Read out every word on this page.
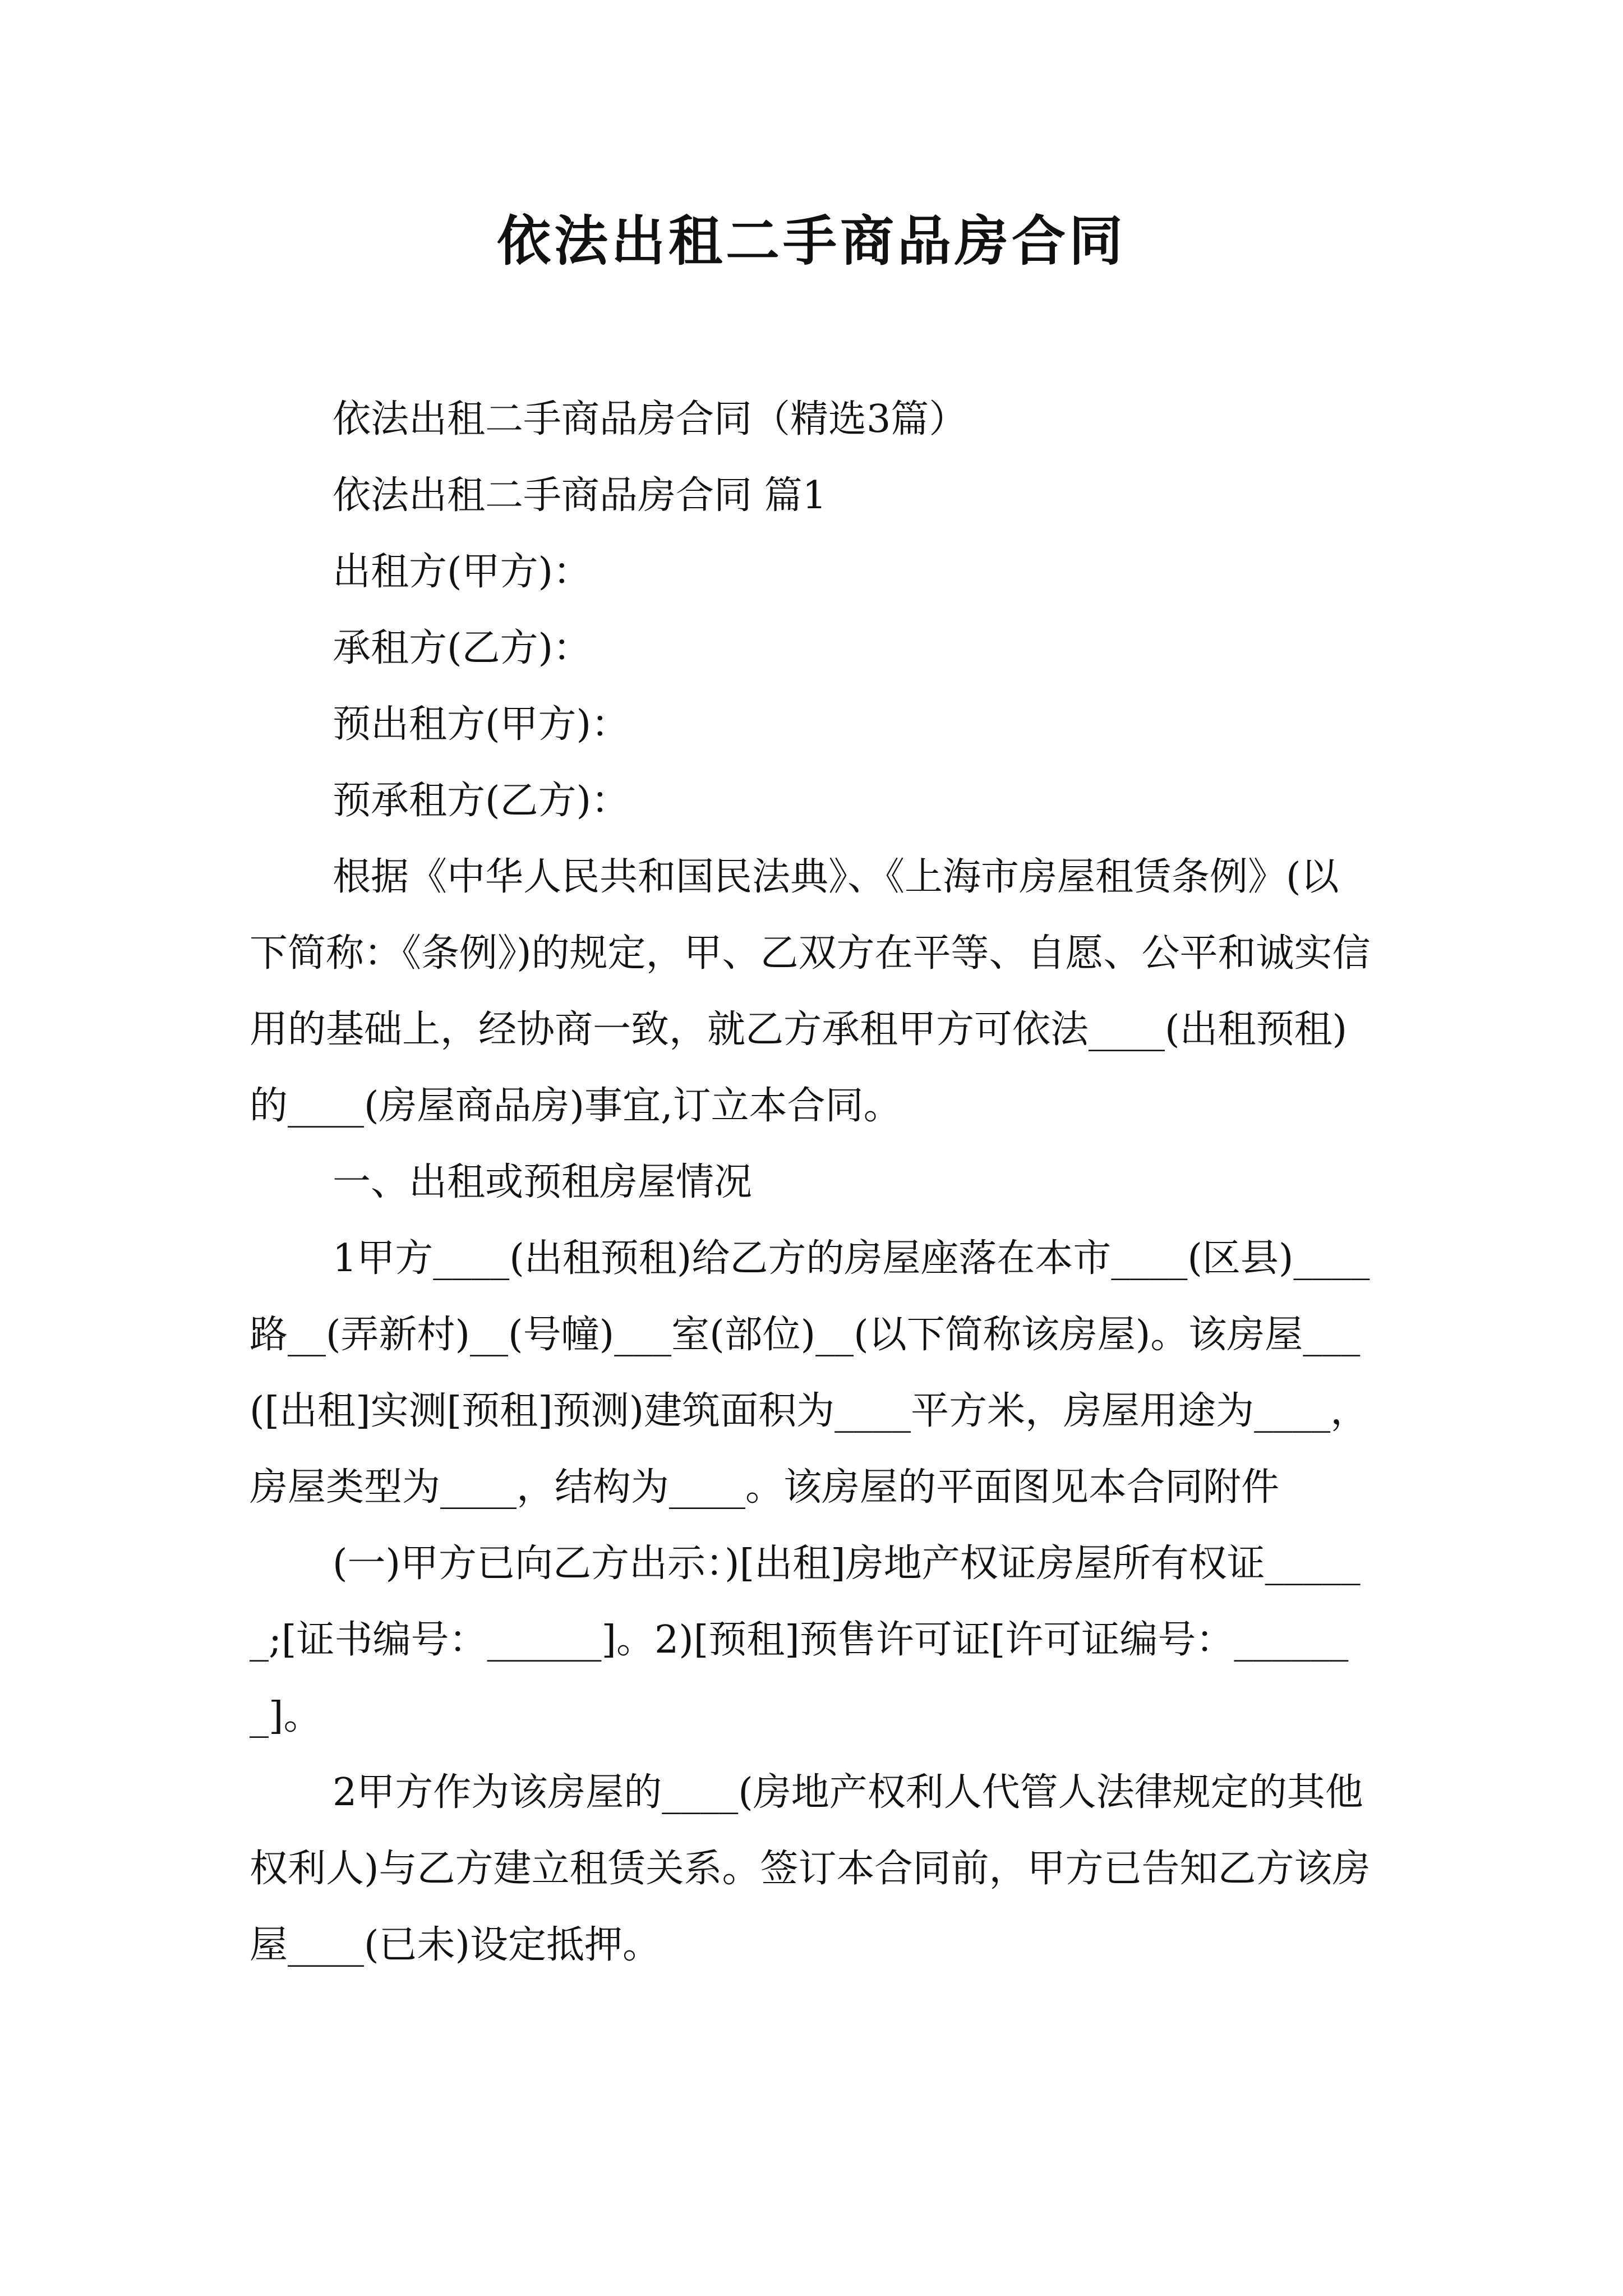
依法出租二手商品房合同

依法出租二手商品房合同（精选3篇）

依法出租二手商品房合同 篇1

出租方(甲方)：

承租方(乙方)：

预出租方(甲方)：

预承租方(乙方)：

根据《中华人民共和国民法典》、《上海市房屋租赁条例》(以下简称：《条例》)的规定，甲、乙双方在平等、自愿、公平和诚实信用的基础上，经协商一致，就乙方承租甲方可依法____(出租预租)的____(房屋商品房)事宜,订立本合同。

一、出租或预租房屋情况

1甲方____(出租预租)给乙方的房屋座落在本市____(区县)____路__(弄新村)__(号幢)___室(部位)__(以下简称该房屋)。该房屋___([出租]实测[预租]预测)建筑面积为____平方米，房屋用途为____，房屋类型为____，结构为____。该房屋的平面图见本合同附件

(一)甲方已向乙方出示：)[出租]房地产权证房屋所有权证______;[证书编号：______]。2)[预租]预售许可证[许可证编号：_______]。

2甲方作为该房屋的____(房地产权利人代管人法律规定的其他权利人)与乙方建立租赁关系。签订本合同前，甲方已告知乙方该房屋____(已未)设定抵押。
